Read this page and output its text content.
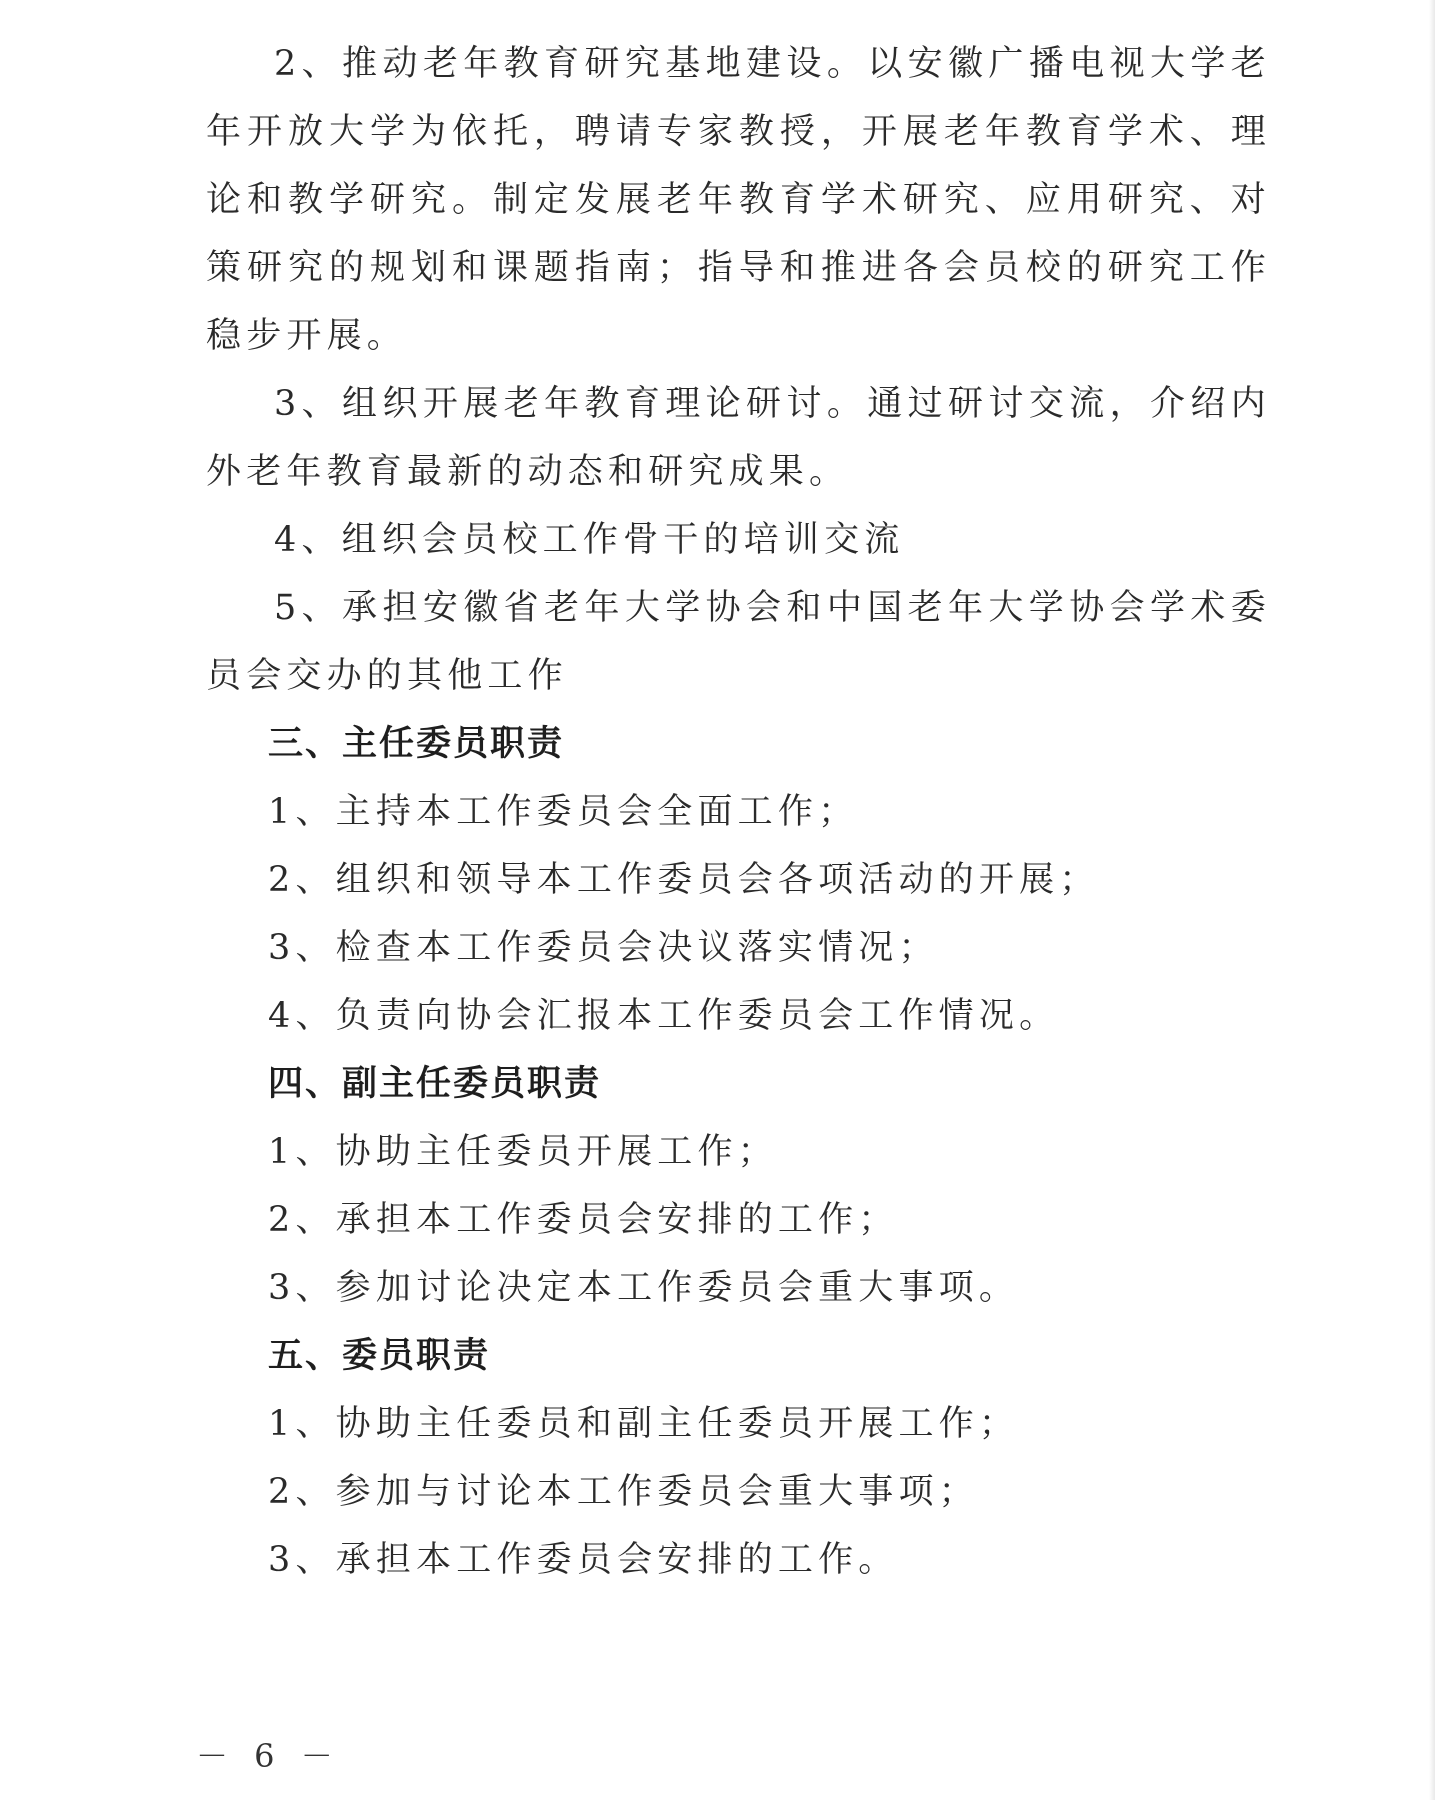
2、推动老年教育研究基地建设。以安徽广播电视大学老年开放大学为依托，聘请专家教授，开展老年教育学术、理论和教学研究。制定发展老年教育学术研究、应用研究、对策研究的规划和课题指南；指导和推进各会员校的研究工作稳步开展。

3、组织开展老年教育理论研讨。通过研讨交流，介绍内外老年教育最新的动态和研究成果。

4、组织会员校工作骨干的培训交流

5、承担安徽省老年大学协会和中国老年大学协会学术委员会交办的其他工作

三、主任委员职责

1、主持本工作委员会全面工作；

2、组织和领导本工作委员会各项活动的开展；

3、检查本工作委员会决议落实情况；

4、负责向协会汇报本工作委员会工作情况。

四、副主任委员职责

1、协助主任委员开展工作；

2、承担本工作委员会安排的工作；

3、参加讨论决定本工作委员会重大事项。

五、委员职责

1、协助主任委员和副主任委员开展工作；

2、参加与讨论本工作委员会重大事项；

3、承担本工作委员会安排的工作。

－ 6 －
